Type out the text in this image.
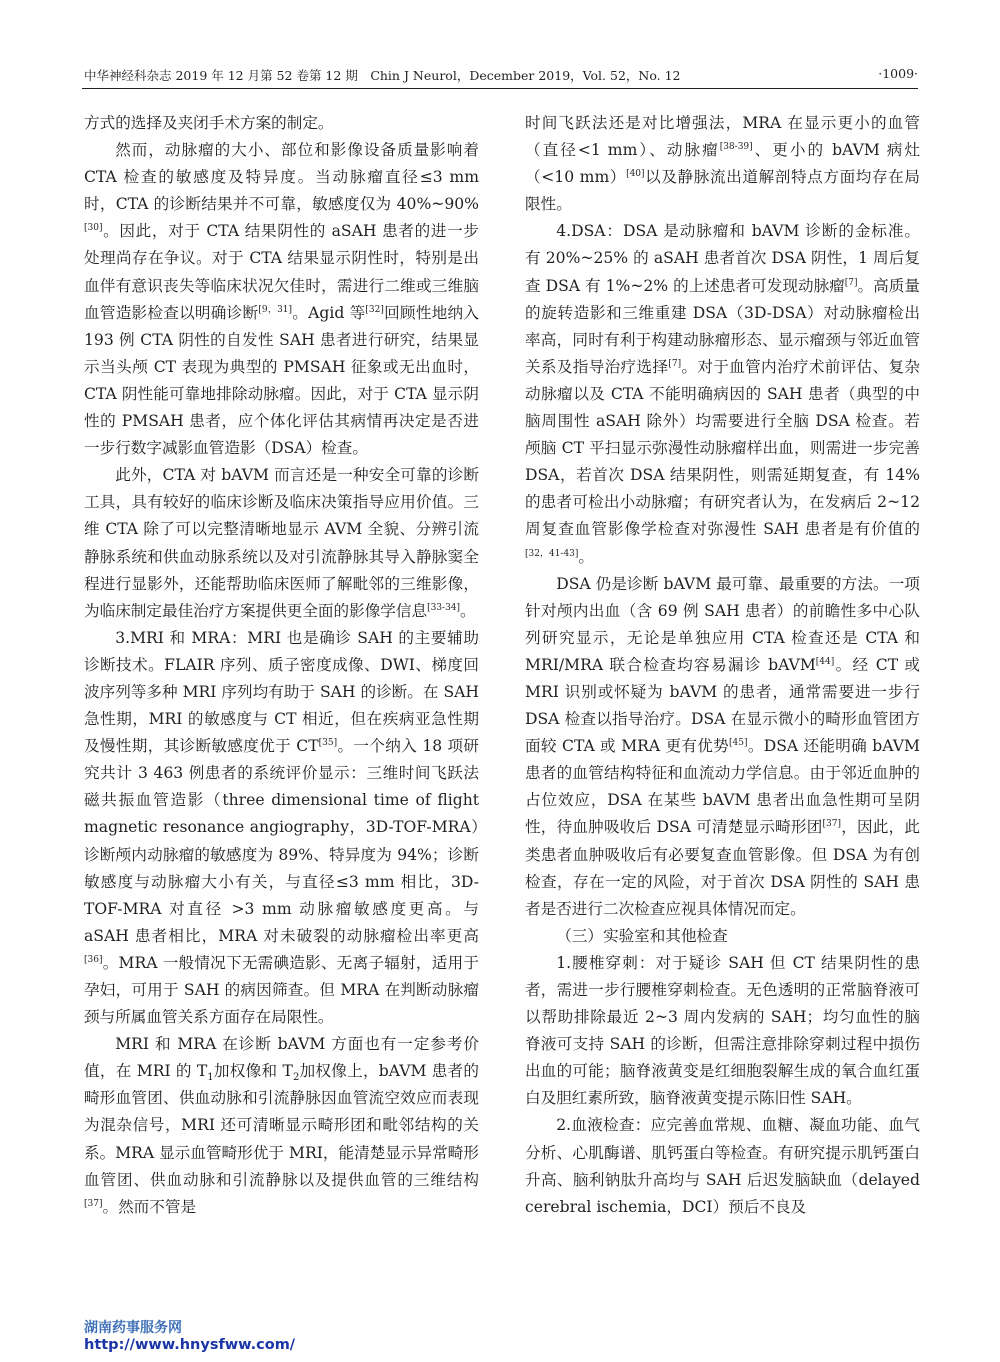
中华神经科杂志 2019 年 12 月第 52 卷第 12 期　Chin J Neurol，December 2019，Vol. 52，No. 12	·1009·

方式的选择及夹闭手术方案的制定。

然而，动脉瘤的大小、部位和影像设备质量影响着 CTA 检查的敏感度及特异度。当动脉瘤直径≤3 mm 时，CTA 的诊断结果并不可靠，敏感度仅为 40%~90%[30]。因此，对于 CTA 结果阴性的 aSAH 患者的进一步处理尚存在争议。对于 CTA 结果显示阴性时，特别是出血伴有意识丧失等临床状况欠佳时，需进行二维或三维脑血管造影检查以明确诊断[9，31]。Agid 等[32]回顾性地纳入 193 例 CTA 阴性的自发性 SAH 患者进行研究，结果显示当头颅 CT 表现为典型的 PMSAH 征象或无出血时，CTA 阴性能可靠地排除动脉瘤。因此，对于 CTA 显示阴性的 PMSAH 患者，应个体化评估其病情再决定是否进一步行数字减影血管造影（DSA）检查。

此外，CTA 对 bAVM 而言还是一种安全可靠的诊断工具，具有较好的临床诊断及临床决策指导应用价值。三维 CTA 除了可以完整清晰地显示 AVM 全貌、分辨引流静脉系统和供血动脉系统以及对引流静脉其导入静脉窦全程进行显影外，还能帮助临床医师了解毗邻的三维影像，为临床制定最佳治疗方案提供更全面的影像学信息[33-34]。

3.MRI 和 MRA：MRI 也是确诊 SAH 的主要辅助诊断技术。FLAIR 序列、质子密度成像、DWI、梯度回波序列等多种 MRI 序列均有助于 SAH 的诊断。在 SAH 急性期，MRI 的敏感度与 CT 相近，但在疾病亚急性期及慢性期，其诊断敏感度优于 CT[35]。一个纳入 18 项研究共计 3 463 例患者的系统评价显示：三维时间飞跃法磁共振血管造影（three dimensional time of flight magnetic resonance angiography，3D-TOF-MRA）诊断颅内动脉瘤的敏感度为 89%、特异度为 94%；诊断敏感度与动脉瘤大小有关，与直径≤3 mm 相比，3D-TOF-MRA 对直径 >3 mm 动脉瘤敏感度更高。与 aSAH 患者相比，MRA 对未破裂的动脉瘤检出率更高[36]。MRA 一般情况下无需碘造影、无离子辐射，适用于孕妇，可用于 SAH 的病因筛查。但 MRA 在判断动脉瘤颈与所属血管关系方面存在局限性。

MRI 和 MRA 在诊断 bAVM 方面也有一定参考价值，在 MRI 的 $T_1$加权像和 $T_2$加权像上，bAVM 患者的畸形血管团、供血动脉和引流静脉因血管流空效应而表现为混杂信号，MRI 还可清晰显示畸形团和毗邻结构的关系。MRA 显示血管畸形优于 MRI，能清楚显示异常畸形血管团、供血动脉和引流静脉以及提供血管的三维结构[37]。然而不管是

时间飞跃法还是对比增强法，MRA 在显示更小的血管（直径<1 mm）、动脉瘤[38-39]、更小的 bAVM 病灶（<10 mm）[40]以及静脉流出道解剖特点方面均存在局限性。

4.DSA：DSA 是动脉瘤和 bAVM 诊断的金标准。有 20%~25% 的 aSAH 患者首次 DSA 阴性，1 周后复查 DSA 有 1%~2% 的上述患者可发现动脉瘤[7]。高质量的旋转造影和三维重建 DSA（3D-DSA）对动脉瘤检出率高，同时有利于构建动脉瘤形态、显示瘤颈与邻近血管关系及指导治疗选择[7]。对于血管内治疗术前评估、复杂动脉瘤以及 CTA 不能明确病因的 SAH 患者（典型的中脑周围性 aSAH 除外）均需要进行全脑 DSA 检查。若颅脑 CT 平扫显示弥漫性动脉瘤样出血，则需进一步完善 DSA，若首次 DSA 结果阴性，则需延期复查，有 14% 的患者可检出小动脉瘤；有研究者认为，在发病后 2~12 周复查血管影像学检查对弥漫性 SAH 患者是有价值的[32，41-43]。

DSA 仍是诊断 bAVM 最可靠、最重要的方法。一项针对颅内出血（含 69 例 SAH 患者）的前瞻性多中心队列研究显示，无论是单独应用 CTA 检查还是 CTA 和 MRI/MRA 联合检查均容易漏诊 bAVM[44]。经 CT 或 MRI 识别或怀疑为 bAVM 的患者，通常需要进一步行 DSA 检查以指导治疗。DSA 在显示微小的畸形血管团方面较 CTA 或 MRA 更有优势[45]。DSA 还能明确 bAVM 患者的血管结构特征和血流动力学信息。由于邻近血肿的占位效应，DSA 在某些 bAVM 患者出血急性期可呈阴性，待血肿吸收后 DSA 可清楚显示畸形团[37]，因此，此类患者血肿吸收后有必要复查血管影像。但 DSA 为有创检查，存在一定的风险，对于首次 DSA 阴性的 SAH 患者是否进行二次检查应视具体情况而定。

（三）实验室和其他检查

1.腰椎穿刺：对于疑诊 SAH 但 CT 结果阴性的患者，需进一步行腰椎穿刺检查。无色透明的正常脑脊液可以帮助排除最近 2~3 周内发病的 SAH；均匀血性的脑脊液可支持 SAH 的诊断，但需注意排除穿刺过程中损伤出血的可能；脑脊液黄变是红细胞裂解生成的氧合血红蛋白及胆红素所致，脑脊液黄变提示陈旧性 SAH。

2.血液检查：应完善血常规、血糖、凝血功能、血气分析、心肌酶谱、肌钙蛋白等检查。有研究提示肌钙蛋白升高、脑利钠肽升高均与 SAH 后迟发脑缺血（delayed cerebral ischemia，DCI）预后不良及

湖南药事服务网
http://www.hnysfww.com/
